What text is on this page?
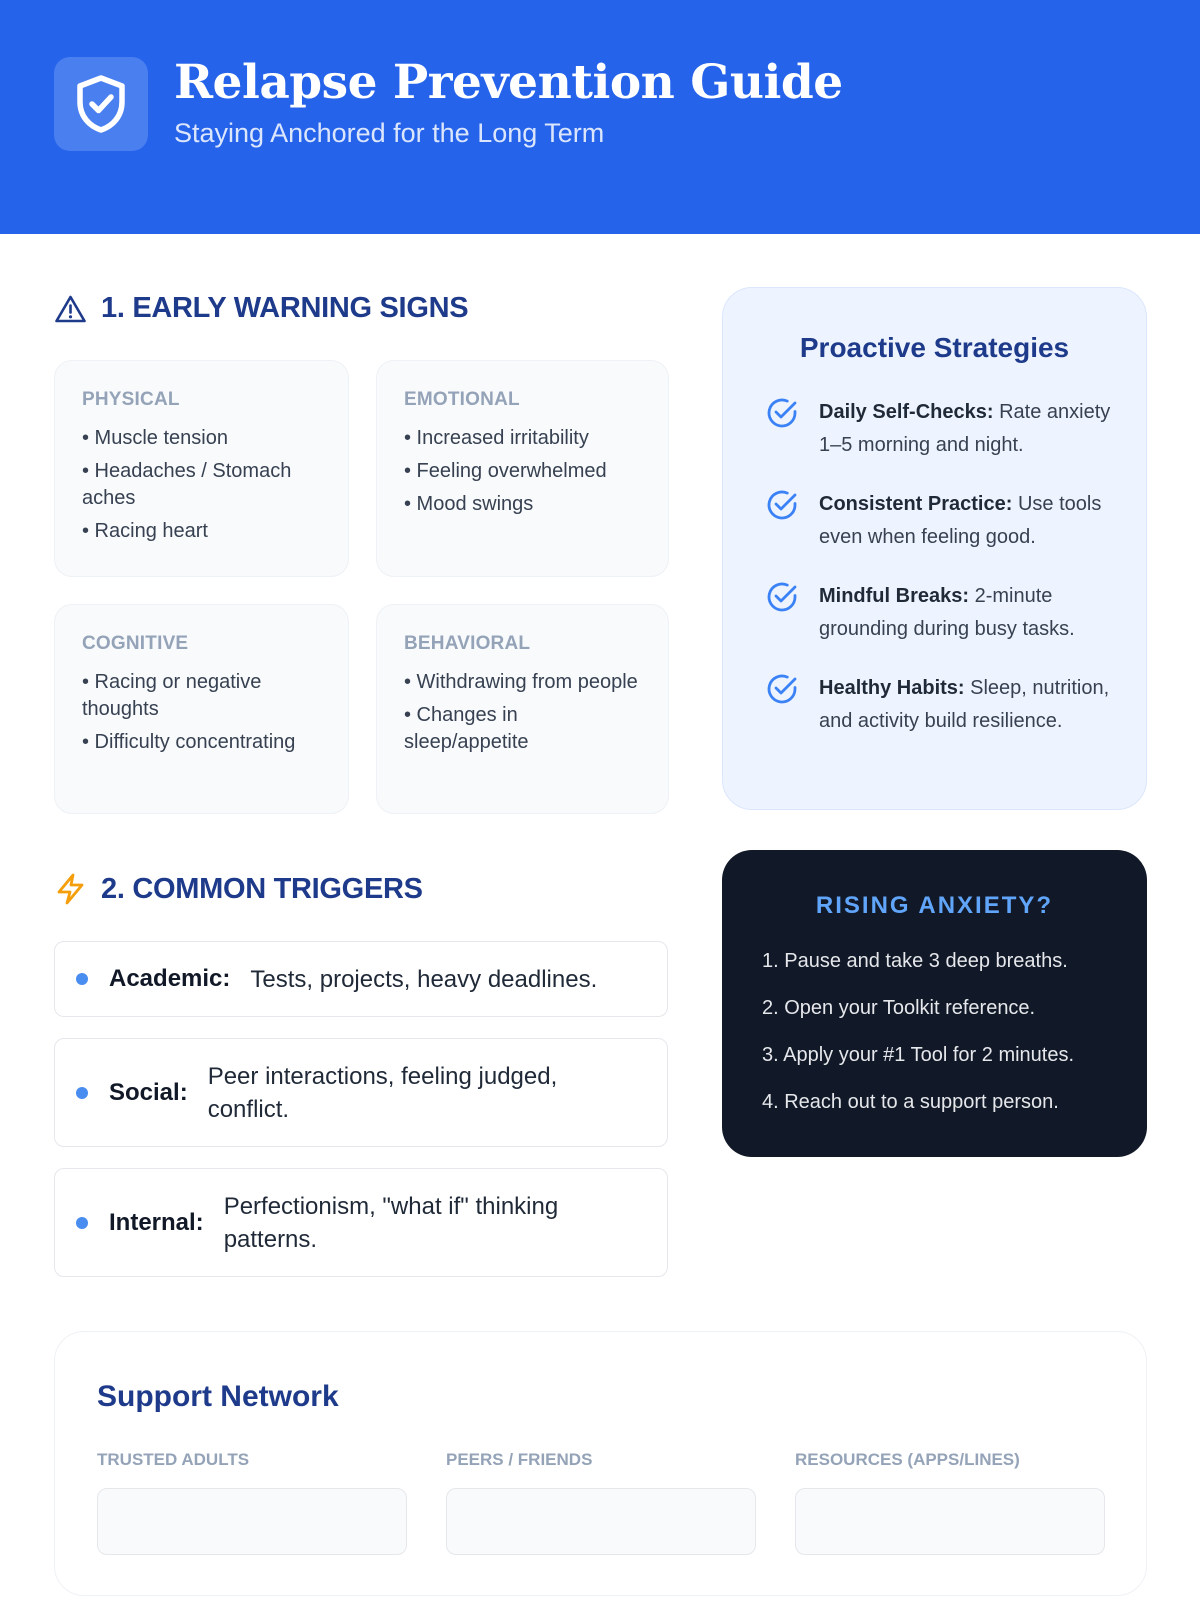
Relapse Prevention Guide
Staying Anchored for the Long Term
1. EARLY WARNING SIGNS
PHYSICAL
• Muscle tension
• Headaches / Stomach aches
• Racing heart
EMOTIONAL
• Increased irritability
• Feeling overwhelmed
• Mood swings
COGNITIVE
• Racing or negative thoughts
• Difficulty concentrating
BEHAVIORAL
• Withdrawing from people
• Changes in sleep/appetite
2. COMMON TRIGGERS
Academic: Tests, projects, heavy deadlines.
Social:
Peer interactions, feeling judged, conflict.
Internal:
Perfectionism, "what if" thinking patterns.
Proactive Strategies
Daily Self-Checks: Rate anxiety 1–5 morning and night.
Consistent Practice: Use tools even when feeling good.
Mindful Breaks: 2-minute grounding during busy tasks.
Healthy Habits: Sleep, nutrition, and activity build resilience.
RISING ANXIETY?
1. Pause and take 3 deep breaths.
2. Open your Toolkit reference.
3. Apply your #1 Tool for 2 minutes.
4. Reach out to a support person.
Support Network
TRUSTED ADULTS	PEERS / FRIENDS	RESOURCES (APPS/LINES)
